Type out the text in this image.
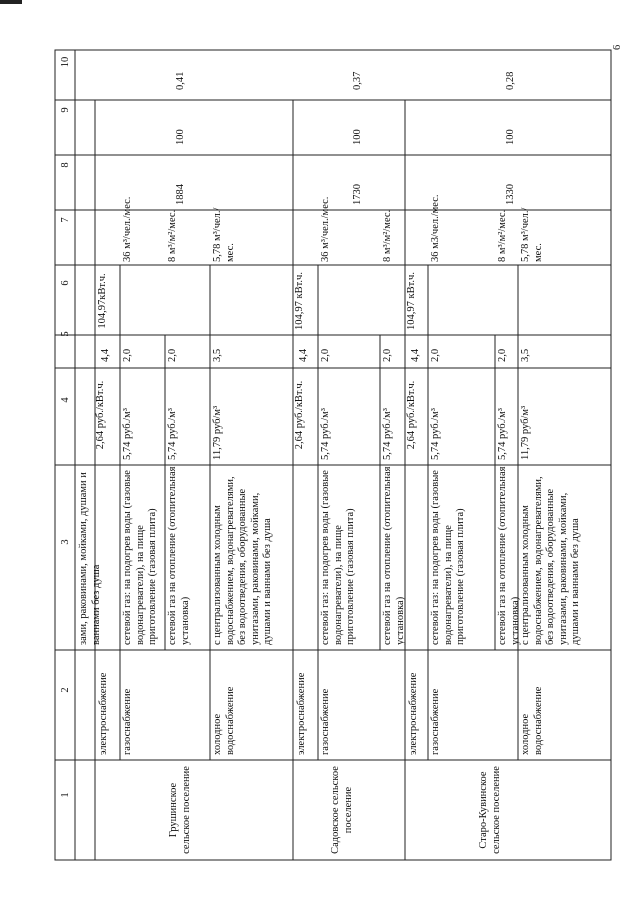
6
1
2
3
4
5
6
7
8
9
10
зами, раковинами, мойками, душами и ваннами без душа
Грушинское сельское поселение
электроснабжение
2,64 руб./кВт.ч.
4,4
104,97кВт.ч.
газоснабжение
сетевой газ: на подогрев воды (газовые водонагреватели), на пище приготовление (газовая плита)
5,74 руб./м³
2,0
36 м³/чел./мес.
сетевой газ на отопление (отопительная установка)
5,74 руб./м³
2,0
8 м³/м²/мес.
холодное водоснабжение
с централизованным холодным водоснабжением, водонагревателями, без водоотведения, оборудованные унитазами, раковинами, мойками, душами и ваннами без душа
11,79 руб/м³
3,5
5,78 м³/чел./мес.
1884
100
0,41
Садовское сельское поселение
электроснабжение
2,64 руб./кВт.ч.
4,4
104,97 кВт.ч.
газоснабжение
сетевой газ: на подогрев воды (газовые водонагреватели), на пище приготовление (газовая плита)
5,74 руб./м³
2,0
36 м³/чел./мес.
сетевой газ на отопление (отопительная установка)
5,74 руб./м³
2,0
8 м³/м²/мес.
1730
100
0,37
Старо-Кувинское сельское поселение
электроснабжение
2,64 руб./кВт.ч.
4,4
104,97 кВт.ч.
газоснабжение
сетевой газ: на подогрев воды (газовые водонагреватели), на пище приготовление (газовая плита)
5,74 руб./м³
2,0
36 м3/чел./мес.
сетевой газ на отопление (отопительная установка)
5,74 руб./м³
2,0
8 м³/м²/мес.
холодное водоснабжение
с централизованным холодным водоснабжением, водонагревателями, без водоотведения, оборудованные унитазами, раковинами, мойками, душами и ваннами без душа
11,79 руб/м³
3,5
5,78 м³/чел./мес.
1330
100
0,28
